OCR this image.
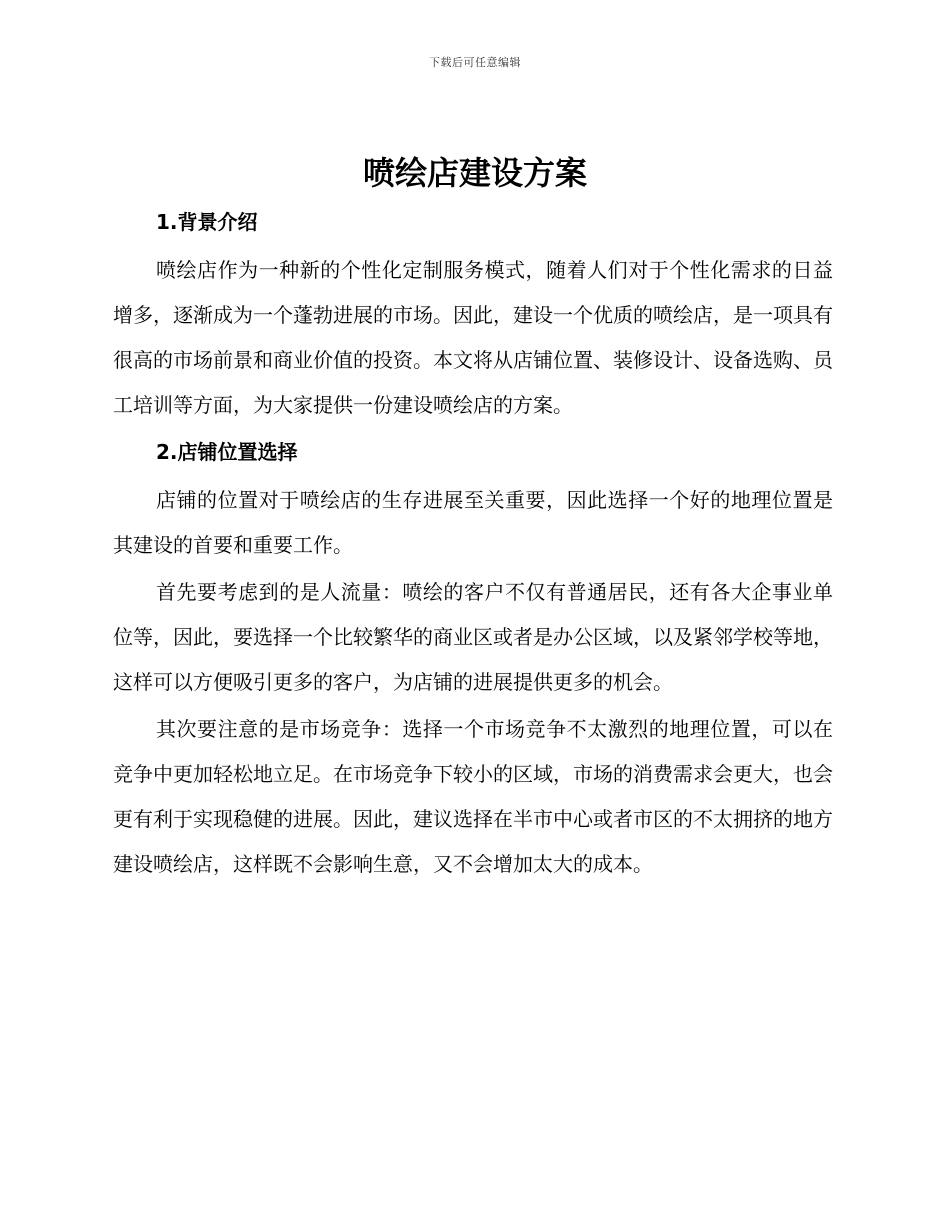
下载后可任意编辑
喷绘店建设方案
1.背景介绍

喷绘店作为一种新的个性化定制服务模式，随着人们对于个性化需求的日益增多，逐渐成为一个蓬勃进展的市场。因此，建设一个优质的喷绘店，是一项具有很高的市场前景和商业价值的投资。本文将从店铺位置、装修设计、设备选购、员工培训等方面，为大家提供一份建设喷绘店的方案。

2.店铺位置选择

店铺的位置对于喷绘店的生存进展至关重要，因此选择一个好的地理位置是其建设的首要和重要工作。

首先要考虑到的是人流量：喷绘的客户不仅有普通居民，还有各大企事业单位等，因此，要选择一个比较繁华的商业区或者是办公区域，以及紧邻学校等地，这样可以方便吸引更多的客户，为店铺的进展提供更多的机会。

其次要注意的是市场竞争：选择一个市场竞争不太激烈的地理位置，可以在竞争中更加轻松地立足。在市场竞争下较小的区域，市场的消费需求会更大，也会更有利于实现稳健的进展。因此，建议选择在半市中心或者市区的不太拥挤的地方建设喷绘店，这样既不会影响生意，又不会增加太大的成本。
